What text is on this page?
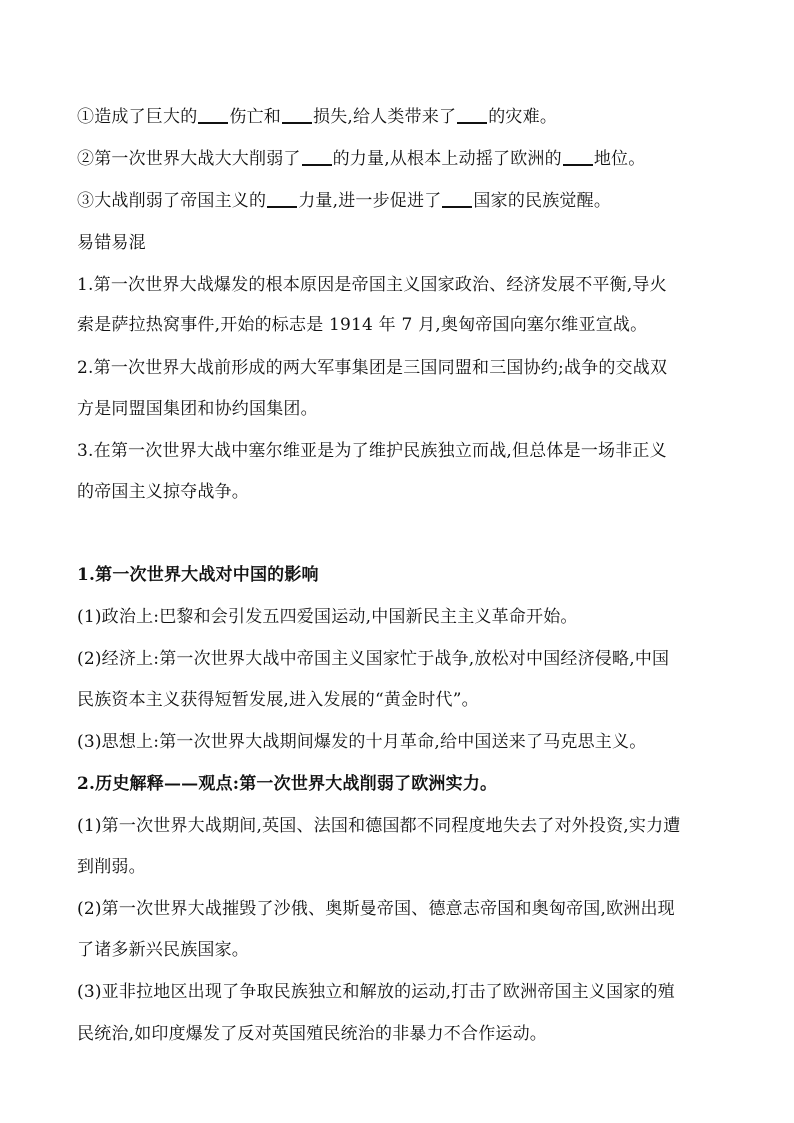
①造成了巨大的 伤亡和 损失,给人类带来了 的灾难。
②第一次世界大战大大削弱了 的力量,从根本上动摇了欧洲的 地位。
③大战削弱了帝国主义的 力量,进一步促进了 国家的民族觉醒。
易错易混
1.第一次世界大战爆发的根本原因是帝国主义国家政治、经济发展不平衡,导火
索是萨拉热窝事件,开始的标志是 1914 年 7 月,奥匈帝国向塞尔维亚宣战。
2.第一次世界大战前形成的两大军事集团是三国同盟和三国协约;战争的交战双
方是同盟国集团和协约国集团。
3.在第一次世界大战中塞尔维亚是为了维护民族独立而战,但总体是一场非正义
的帝国主义掠夺战争。
1.第一次世界大战对中国的影响
(1)政治上:巴黎和会引发五四爱国运动,中国新民主主义革命开始。
(2)经济上:第一次世界大战中帝国主义国家忙于战争,放松对中国经济侵略,中国
民族资本主义获得短暂发展,进入发展的“黄金时代”。
(3)思想上:第一次世界大战期间爆发的十月革命,给中国送来了马克思主义。
2.历史解释——观点:第一次世界大战削弱了欧洲实力。
(1)第一次世界大战期间,英国、法国和德国都不同程度地失去了对外投资,实力遭
到削弱。
(2)第一次世界大战摧毁了沙俄、奥斯曼帝国、德意志帝国和奥匈帝国,欧洲出现
了诸多新兴民族国家。
(3)亚非拉地区出现了争取民族独立和解放的运动,打击了欧洲帝国主义国家的殖
民统治,如印度爆发了反对英国殖民统治的非暴力不合作运动。
